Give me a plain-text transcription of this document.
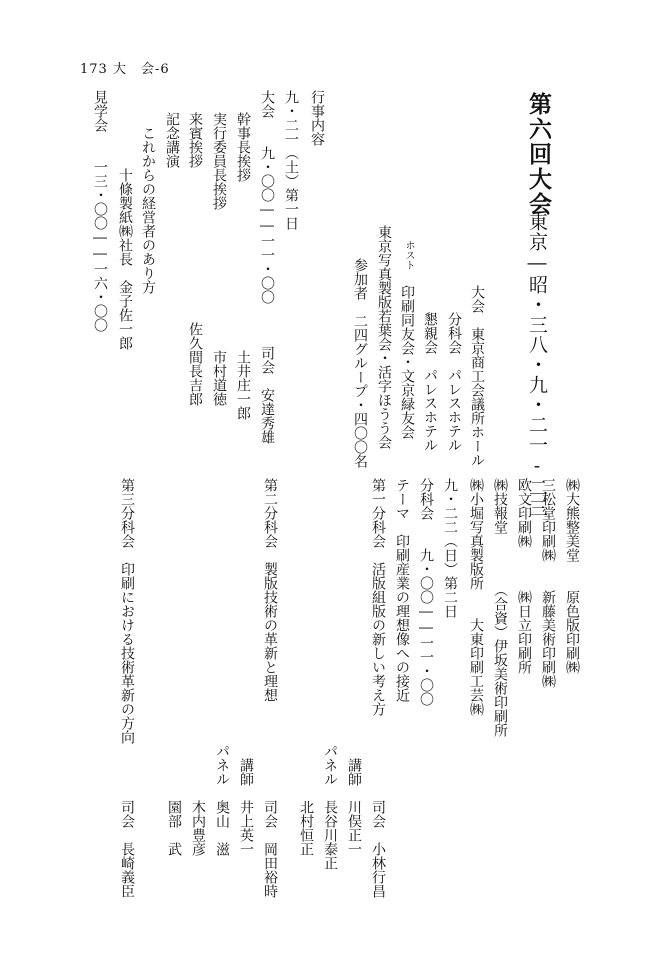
173 大　会-6
第六回大会
東京―昭・三八・九・二一-二三
大会　東京商工会議所ホール
分科会　パレスホテル
懇親会　パレスホテル
ホスト
印刷同友会・文京緑友会
東京写真製版若葉会・活字ほうう会
参加者　二四グループ・四〇〇名
行事内容
九・二一（土）第一日
大会　　九・〇〇――一一・〇〇　　　司会　安達秀雄
幹事長挨拶　　　　　　　　　　　　土井庄一郎
実行委員長挨拶　　　　　　　　　　市村道徳
来賓挨拶　　　　　　　　　　　佐久間長吉郎
記念講演
　これからの経営者のあり方
　　　　十條製紙㈱社長　金子佐一郎
見学会　　一三・〇〇――一六・〇〇
㈱大熊整美堂　　原色版印刷㈱
三松堂印刷㈱　　新藤美術印刷㈱
欧文印刷㈱　　　㈱日立印刷所
㈱技報堂　　　　（合資）伊坂美術印刷所
㈱小堀写真製版所　　大東印刷工芸㈱
九・二二（日）第二日
分科会　　九・〇〇――一一・〇〇
テーマ　印刷産業の理想像への接近
第一分科会　活版組版の新しい考え方　　　　　　司会　小林行昌
　　　　　　　　　　　　　　　　　　　　講師　川俣正一
　　　　　　　　　　　　　　　　　　　パネル　長谷川泰正
　　　　　　　　　　　　　　　　　　　　　　　北村恒正
第二分科会　製版技術の革新と理想　　　　　　　司会　岡田裕時
　　　　　　　　　　　　　　　　　　　　講師　井上英一
　　　　　　　　　　　　　　　　　　　パネル　奥山　滋
　　　　　　　　　　　　　　　　　　　　　　　木内豊彦
　　　　　　　　　　　　　　　　　　　　　　　園部　武
第三分科会　印刷における技術革新の方向　　　　司会　長崎義臣
